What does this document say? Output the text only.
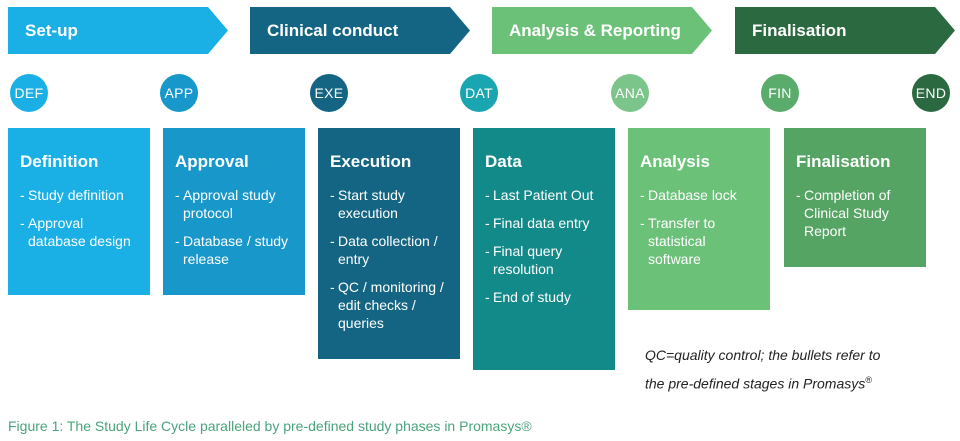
Set-up	Clinical conduct	Analysis & Reporting	Finalisation
DEF	APP	EXE	DAT	ANA	FIN	END
Definition
- Study definition
- Approval database design
Approval
- Approval study protocol
- Database / study release
Execution
- Start study execution
- Data collection / entry
- QC / monitoring / edit checks / queries
Data
- Last Patient Out
- Final data entry
- Final query resolution
- End of study
Analysis
- Database lock
- Transfer to statistical software
Finalisation
- Completion of Clinical Study Report
QC=quality control; the bullets refer to
the pre-defined stages in Promasys®
Figure 1: The Study Life Cycle paralleled by pre-defined study phases in Promasys®
